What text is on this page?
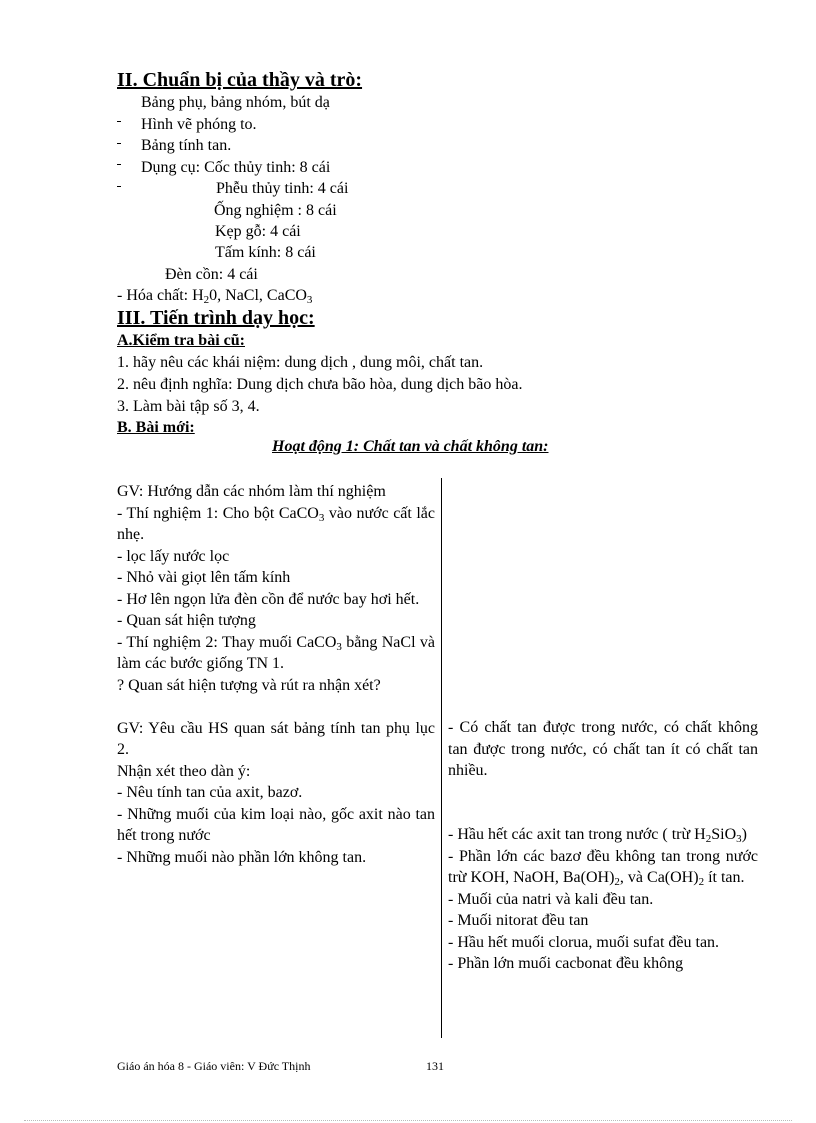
II. Chuẩn bị của thầy và trò:
Bảng phụ, bảng nhóm, bút dạ
Hình vẽ phóng to.
Bảng tính tan.
Dụng cụ: Cốc thủy tinh: 8 cái
Phễu thủy tinh: 4 cái
Ống nghiệm : 8 cái
Kẹp gỗ: 4 cái
Tấm kính: 8 cái
Đèn cồn: 4 cái
- Hóa chất: $H_20$, NaCl, CaCO$_3$
III. Tiến trình dạy học:
A.Kiểm tra bài cũ:
1. hãy nêu các khái niệm: dung dịch , dung môi, chất tan.
2. nêu định nghĩa: Dung dịch chưa bão hòa, dung dịch bão hòa.
3. Làm bài tập số 3, 4.
B. Bài mới:
Hoạt động 1: Chất tan và chất không tan:

GV: Hướng dẫn các nhóm làm thí nghiệm

- Thí nghiệm 1: Cho bột CaCO$_3$ vào nước cất lắc nhẹ.

- lọc lấy nước lọc

- Nhỏ vài giọt lên tấm kính

- Hơ lên ngọn lửa đèn cồn để nước bay hơi hết.

- Quan sát hiện tượng

- Thí nghiệm 2: Thay muối CaCO$_3$ bằng NaCl và làm các bước giống TN 1.

? Quan sát hiện tượng và rút ra nhận xét?

GV: Yêu cầu HS quan sát bảng tính tan phụ lục 2.

Nhận xét theo dàn ý:

- Nêu tính tan của axit, bazơ.

- Những muối của kim loại nào, gốc axit nào tan hết trong nước

- Những muối nào phần lớn không tan.

- Có chất tan được trong nước, có chất không tan được trong nước, có chất tan ít có chất tan nhiều.

- Hầu hết các axit tan trong nước ( trừ $H_2SiO_3$)

- Phần lớn các bazơ đều không tan trong nước trừ KOH, NaOH, $Ba(OH)_2$, và $Ca(OH)_2$ ít tan.

- Muối của natri và kali đều tan.

- Muối nitorat đều tan

- Hầu hết muối clorua, muối sufat đều tan.

- Phần lớn muối cacbonat đều không

Giáo án hóa 8 - Giáo viên: V Đức Thịnh	131
